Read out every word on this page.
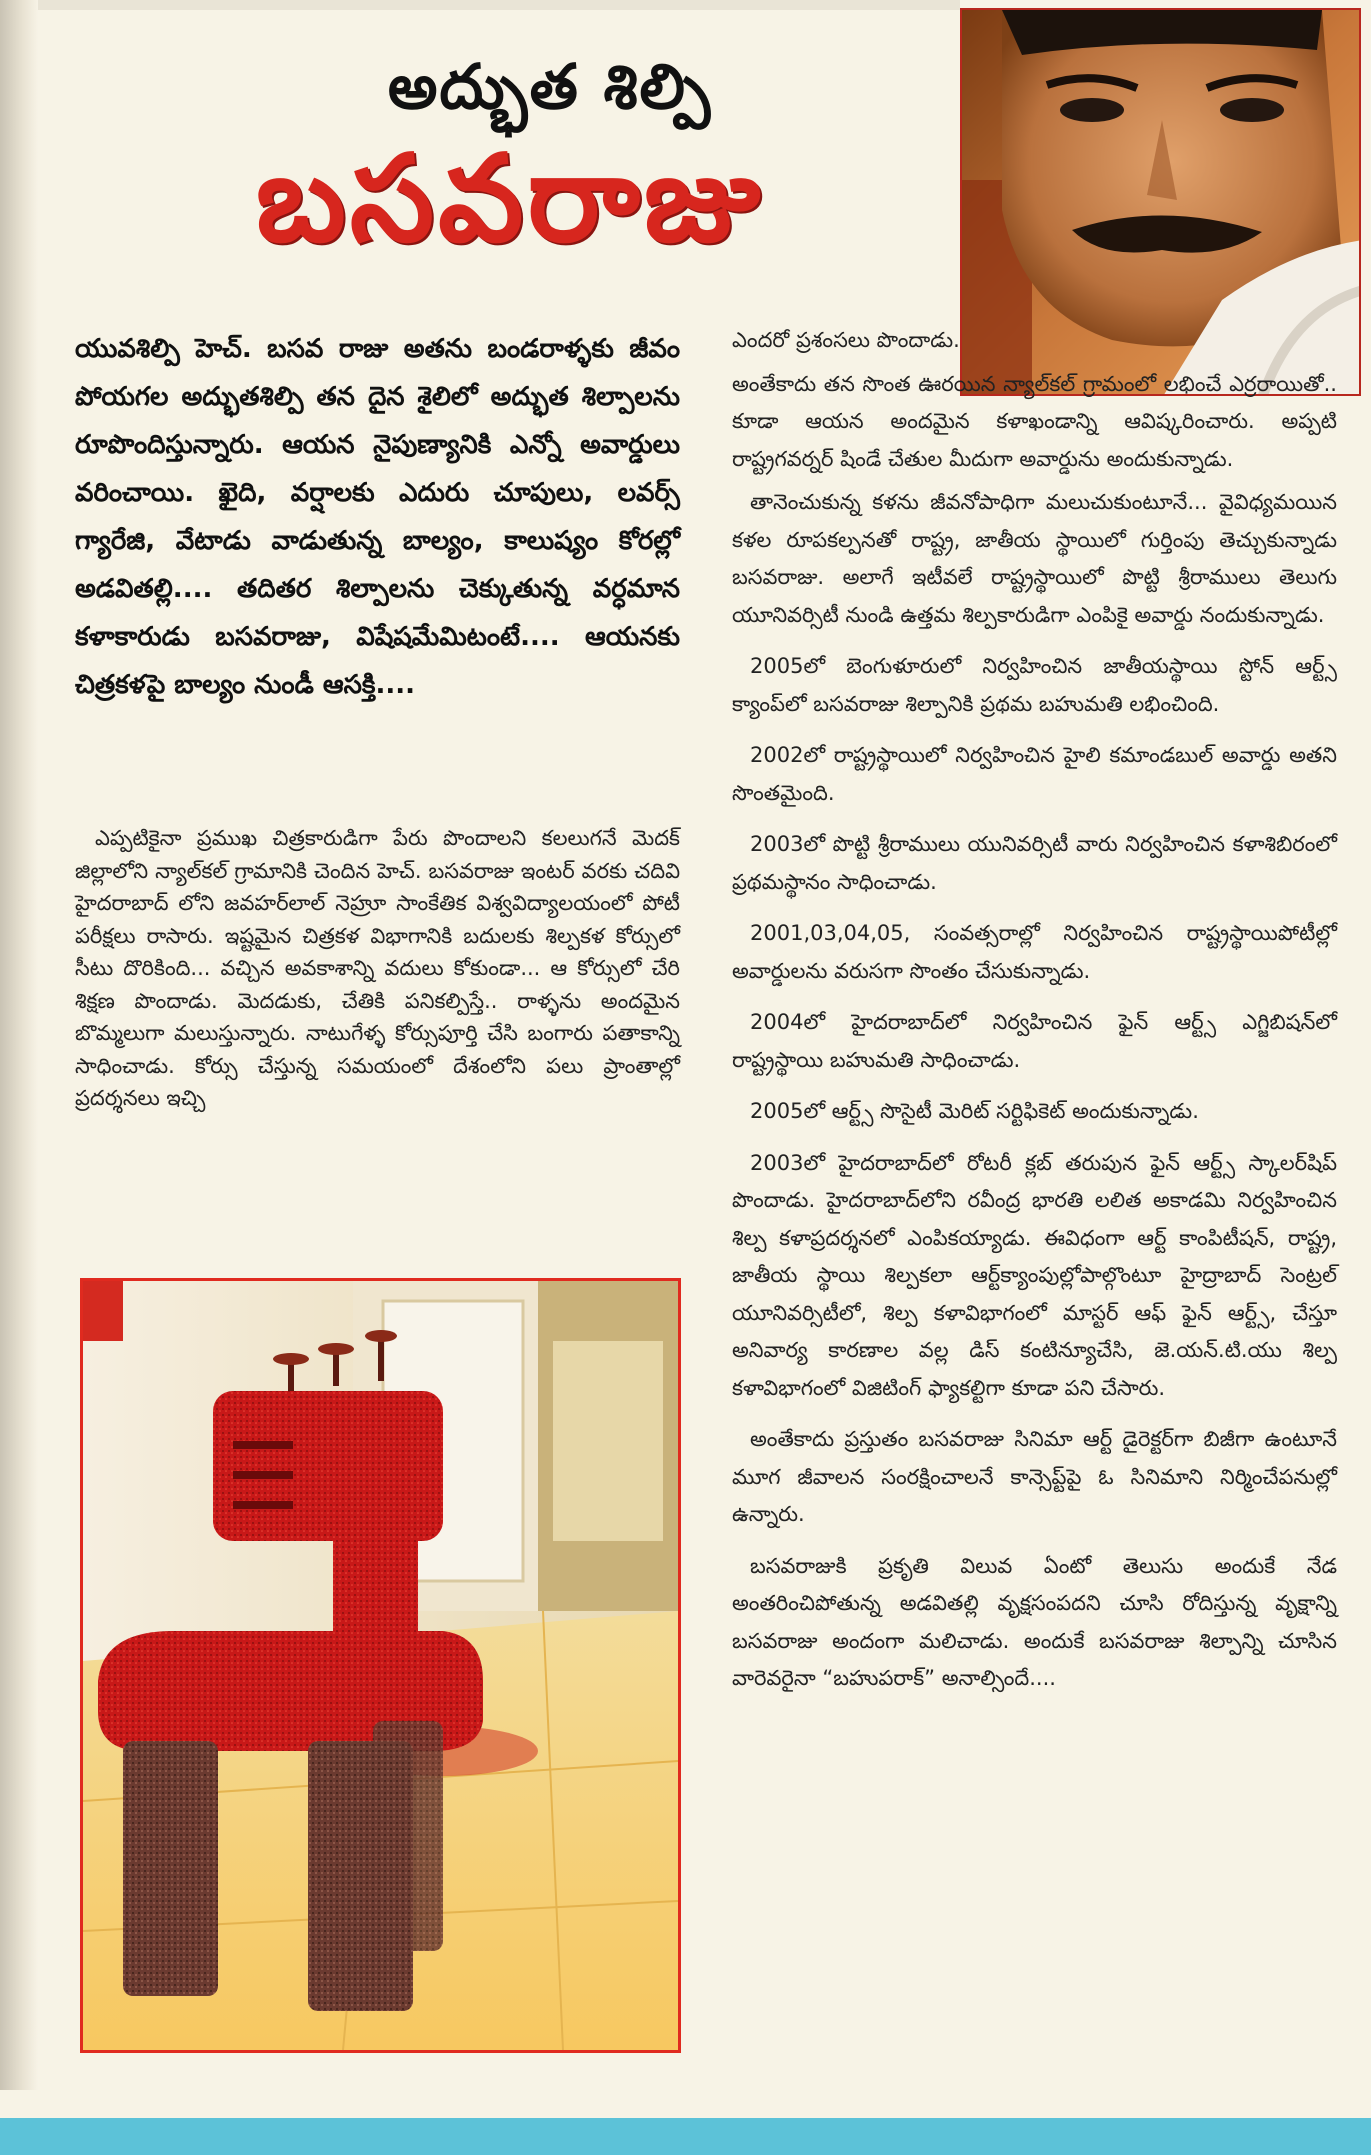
అద్భుత శిల్పి
బసవరాజు
యువశిల్పి హెచ్. బసవ రాజు అతను బండరాళ్ళకు జీవం పోయగల అద్భుతశిల్పి తన దైన శైలిలో అద్భుత శిల్పాలను రూపొందిస్తున్నారు. ఆయన నైపుణ్యానికి ఎన్నో అవార్డులు వరించాయి. ఖైది, వర్షాలకు ఎదురు చూపులు, లవర్స్ గ్యారేజి, వేటాడు వాడుతున్న బాల్యం, కాలుష్యం కోరల్లో అడవితల్లి.... తదితర శిల్పాలను చెక్కుతున్న వర్ధమాన కళాకారుడు బసవరాజు, విషేషమేమిటంటే.... ఆయనకు చిత్రకళపై బాల్యం నుండీ ఆసక్తి....

ఎప్పటికైనా ప్రముఖ చిత్రకారుడిగా పేరు పొందాలని కలలుగనే మెదక్ జిల్లాలోని న్యాల్‌కల్ గ్రామానికి చెందిన హెచ్. బసవరాజు ఇంటర్ వరకు చదివి హైదరాబాద్ లోని జవహర్‌లాల్ నెహ్రూ సాంకేతిక విశ్వవిద్యాలయంలో పోటీ పరీక్షలు రాసారు. ఇష్టమైన చిత్రకళ విభాగానికి బదులకు శిల్పకళ కోర్సులో సీటు దొరికింది... వచ్చిన అవకాశాన్ని వదులు కోకుండా... ఆ కోర్సులో చేరి శిక్షణ పొందాడు. మెదడుకు, చేతికి పనికల్పిస్తే.. రాళ్ళను అందమైన బొమ్మలుగా మలుస్తున్నారు. నాటుగేళ్ళ కోర్సుపూర్తి చేసి బంగారు పతాకాన్ని సాధించాడు. కోర్సు చేస్తున్న సమయంలో దేశంలోని పలు ప్రాంతాల్లో ప్రదర్శనలు ఇచ్చి

ఎందరో ప్రశంసలు పొందాడు.

అంతేకాదు తన సొంత ఊరయిన న్యాల్‌కల్ గ్రామంలో లభించే ఎర్రరాయితో.. కూడా ఆయన అందమైన కళాఖండాన్ని ఆవిష్కరించారు. అప్పటి రాష్ట్రగవర్నర్ షిండే చేతుల మీదుగా అవార్డును అందుకున్నాడు.

తానెంచుకున్న కళను జీవనోపాధిగా మలుచుకుంటూనే... వైవిధ్యమయిన కళల రూపకల్పనతో రాష్ట్ర, జాతీయ స్థాయిలో గుర్తింపు తెచ్చుకున్నాడు బసవరాజు. అలాగే ఇటీవలే రాష్ట్రస్థాయిలో పొట్టి శ్రీరాములు తెలుగు యూనివర్సిటీ నుండి ఉత్తమ శిల్పకారుడిగా ఎంపికై అవార్డు నందుకున్నాడు.

2005లో బెంగుళూరులో నిర్వహించిన జాతీయస్థాయి స్టోన్ ఆర్ట్స్ క్యాంప్‌లో బసవరాజు శిల్పానికి ప్రథమ బహుమతి లభించింది.

2002లో రాష్ట్రస్థాయిలో నిర్వహించిన హైలి కమాండబుల్ అవార్డు అతని సొంతమైంది.

2003లో పొట్టి శ్రీరాములు యునివర్సిటీ వారు నిర్వహించిన కళాశిబిరంలో ప్రథమస్థానం సాధించాడు.

2001,03,04,05, సంవత్సరాల్లో నిర్వహించిన రాష్ట్రస్థాయిపోటీల్లో అవార్డులను వరుసగా సొంతం చేసుకున్నాడు.

2004లో హైదరాబాద్‌లో నిర్వహించిన ఫైన్ ఆర్ట్స్ ఎగ్జిబిషన్‌లో రాష్ట్రస్థాయి బహుమతి సాధించాడు.

2005లో ఆర్ట్స్ సొసైటీ మెరిట్ సర్టిఫికెట్ అందుకున్నాడు.

2003లో హైదరాబాద్‌లో రోటరీ క్లబ్ తరుపున ఫైన్ ఆర్ట్స్ స్కాలర్‌షిప్ పొందాడు. హైదరాబాద్‌లోని రవీంద్ర భారతి లలిత అకాడమి నిర్వహించిన శిల్ప కళాప్రదర్శనలో ఎంపికయ్యాడు. ఈవిధంగా ఆర్ట్ కాంపిటీషన్, రాష్ట్ర, జాతీయ స్థాయి శిల్పకలా ఆర్ట్‌క్యాంపుల్లోపాల్గొంటూ హైద్రాబాద్ సెంట్రల్ యూనివర్సిటీలో, శిల్ప కళావిభాగంలో మాస్టర్ ఆఫ్ ఫైన్ ఆర్ట్స్, చేస్తూ అనివార్య కారణాల వల్ల డిస్ కంటిన్యూచేసి, జె.యన్.టి.యు శిల్ప కళావిభాగంలో విజిటింగ్ ఫ్యాకల్టిగా కూడా పని చేసారు.

అంతేకాదు ప్రస్తుతం బసవరాజు సినిమా ఆర్ట్ డైరెక్టర్‌గా బిజీగా ఉంటూనే మూగ జీవాలన సంరక్షించాలనే కాన్సెప్ట్‌పై ఓ సినిమాని నిర్మించేపనుల్లో ఉన్నారు.

బసవరాజుకి ప్రకృతి విలువ ఏంటో తెలుసు అందుకే నేడ అంతరించిపోతున్న అడవితల్లి వృక్షసంపదని చూసి రోదిస్తున్న వృక్షాన్ని బసవరాజు అందంగా మలిచాడు. అందుకే బసవరాజు శిల్పాన్ని చూసిన వారెవరైనా “బహుపరాక్” అనాల్సిందే....
